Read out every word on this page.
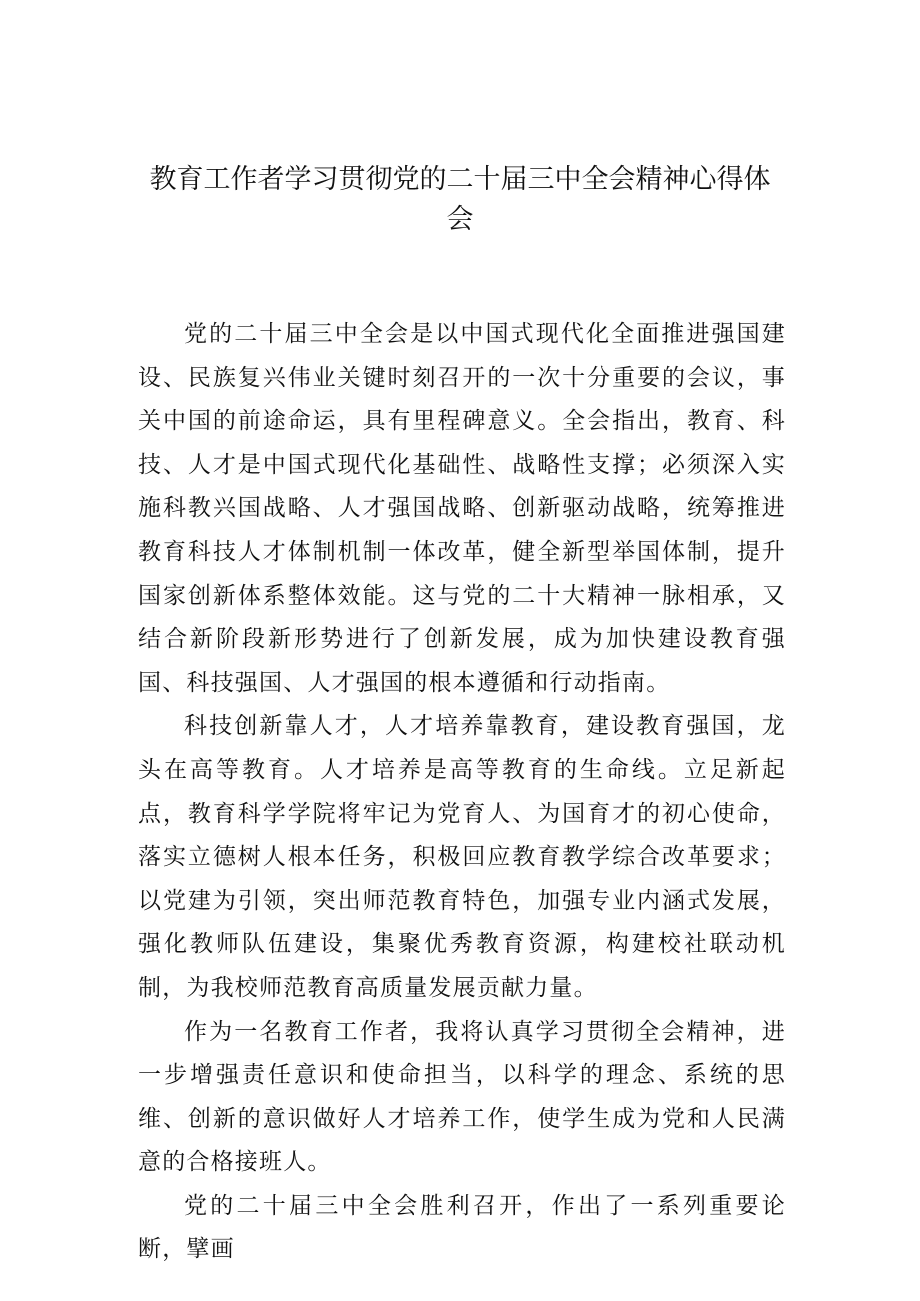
教育工作者学习贯彻党的二十届三中全会精神心得体
会

党的二十届三中全会是以中国式现代化全面推进强国建设、民族复兴伟业关键时刻召开的一次十分重要的会议，事关中国的前途命运，具有里程碑意义。全会指出，教育、科技、人才是中国式现代化基础性、战略性支撑；必须深入实施科教兴国战略、人才强国战略、创新驱动战略，统筹推进教育科技人才体制机制一体改革，健全新型举国体制，提升国家创新体系整体效能。这与党的二十大精神一脉相承，又结合新阶段新形势进行了创新发展，成为加快建设教育强国、科技强国、人才强国的根本遵循和行动指南。

科技创新靠人才，人才培养靠教育，建设教育强国，龙头在高等教育。人才培养是高等教育的生命线。立足新起点，教育科学学院将牢记为党育人、为国育才的初心使命，落实立德树人根本任务，积极回应教育教学综合改革要求；以党建为引领，突出师范教育特色，加强专业内涵式发展，强化教师队伍建设，集聚优秀教育资源，构建校社联动机制，为我校师范教育高质量发展贡献力量。

作为一名教育工作者，我将认真学习贯彻全会精神，进一步增强责任意识和使命担当，以科学的理念、系统的思维、创新的意识做好人才培养工作，使学生成为党和人民满意的合格接班人。

党的二十届三中全会胜利召开，作出了一系列重要论断，擘画
